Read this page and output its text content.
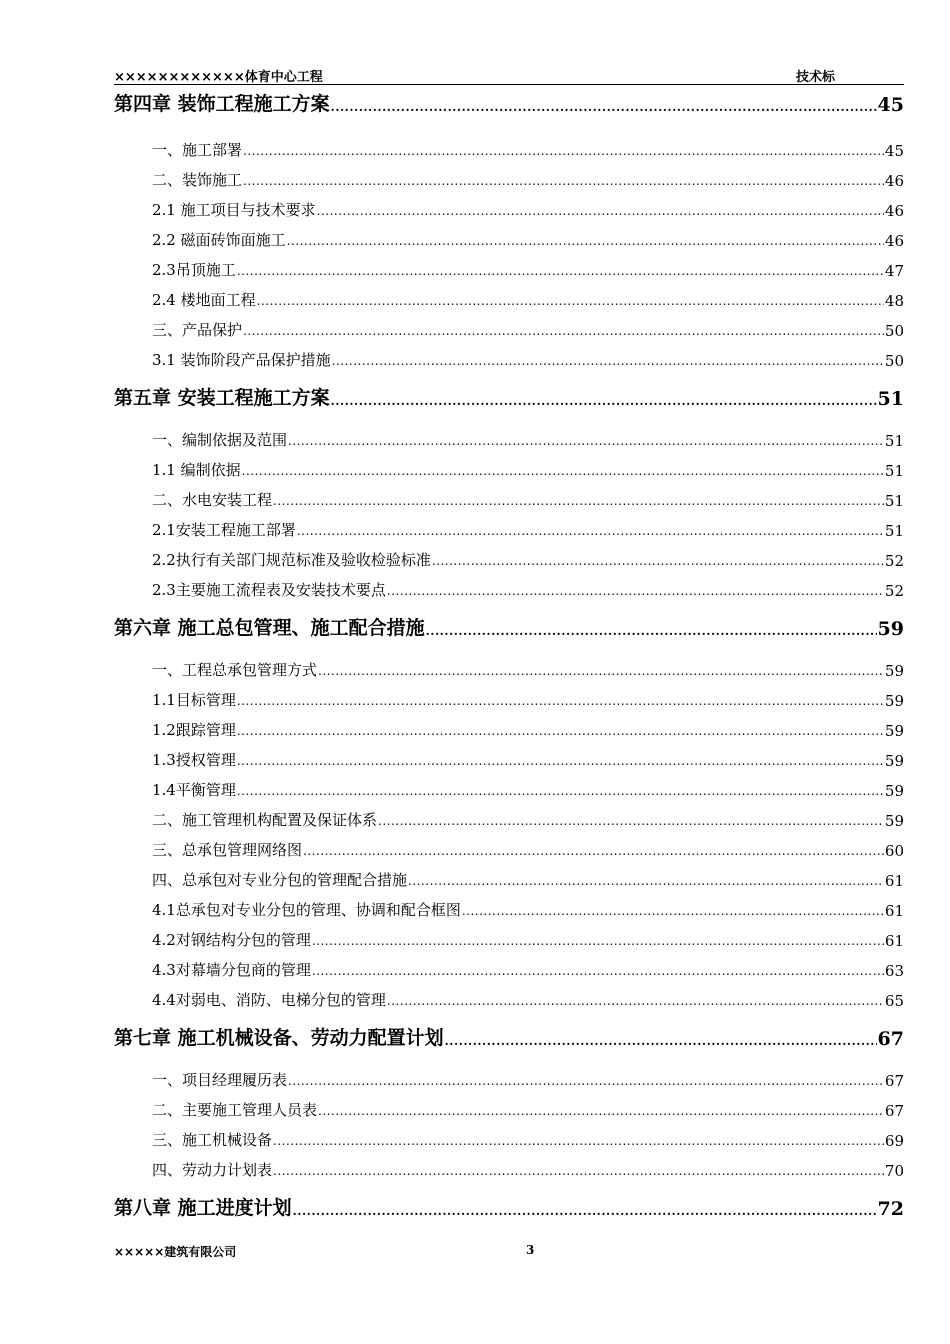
××××××××××××体育中心工程	技术标
第四章 装饰工程施工方案 .....	45
一、施工部署 .....	45
二、装饰施工 .....	46
2.1 施工项目与技术要求 .....	46
2.2 磁面砖饰面施工 .....	46
2.3吊顶施工 .....	47
2.4 楼地面工程 .....	48
三、产品保护 .....	50
3.1 装饰阶段产品保护措施 .....	50
第五章 安装工程施工方案 .....	51
一、编制依据及范围 .....	51
1.1 编制依据 .....	51
二、水电安装工程 .....	51
2.1安装工程施工部署 .....	51
2.2执行有关部门规范标准及验收检验标准 .....	52
2.3主要施工流程表及安装技术要点 .....	52
第六章 施工总包管理、施工配合措施 .....	59
一、工程总承包管理方式 .....	59
1.1目标管理 .....	59
1.2跟踪管理 .....	59
1.3授权管理 .....	59
1.4平衡管理 .....	59
二、施工管理机构配置及保证体系 .....	59
三、总承包管理网络图 .....	60
四、总承包对专业分包的管理配合措施 .....	61
4.1总承包对专业分包的管理、协调和配合框图 .....	61
4.2对钢结构分包的管理 .....	61
4.3对幕墙分包商的管理 .....	63
4.4对弱电、消防、电梯分包的管理 .....	65
第七章 施工机械设备、劳动力配置计划 .....	67
一、项目经理履历表 .....	67
二、主要施工管理人员表 .....	67
三、施工机械设备 .....	69
四、劳动力计划表 .....	70
第八章 施工进度计划 .....	72
×××××建筑有限公司	3
